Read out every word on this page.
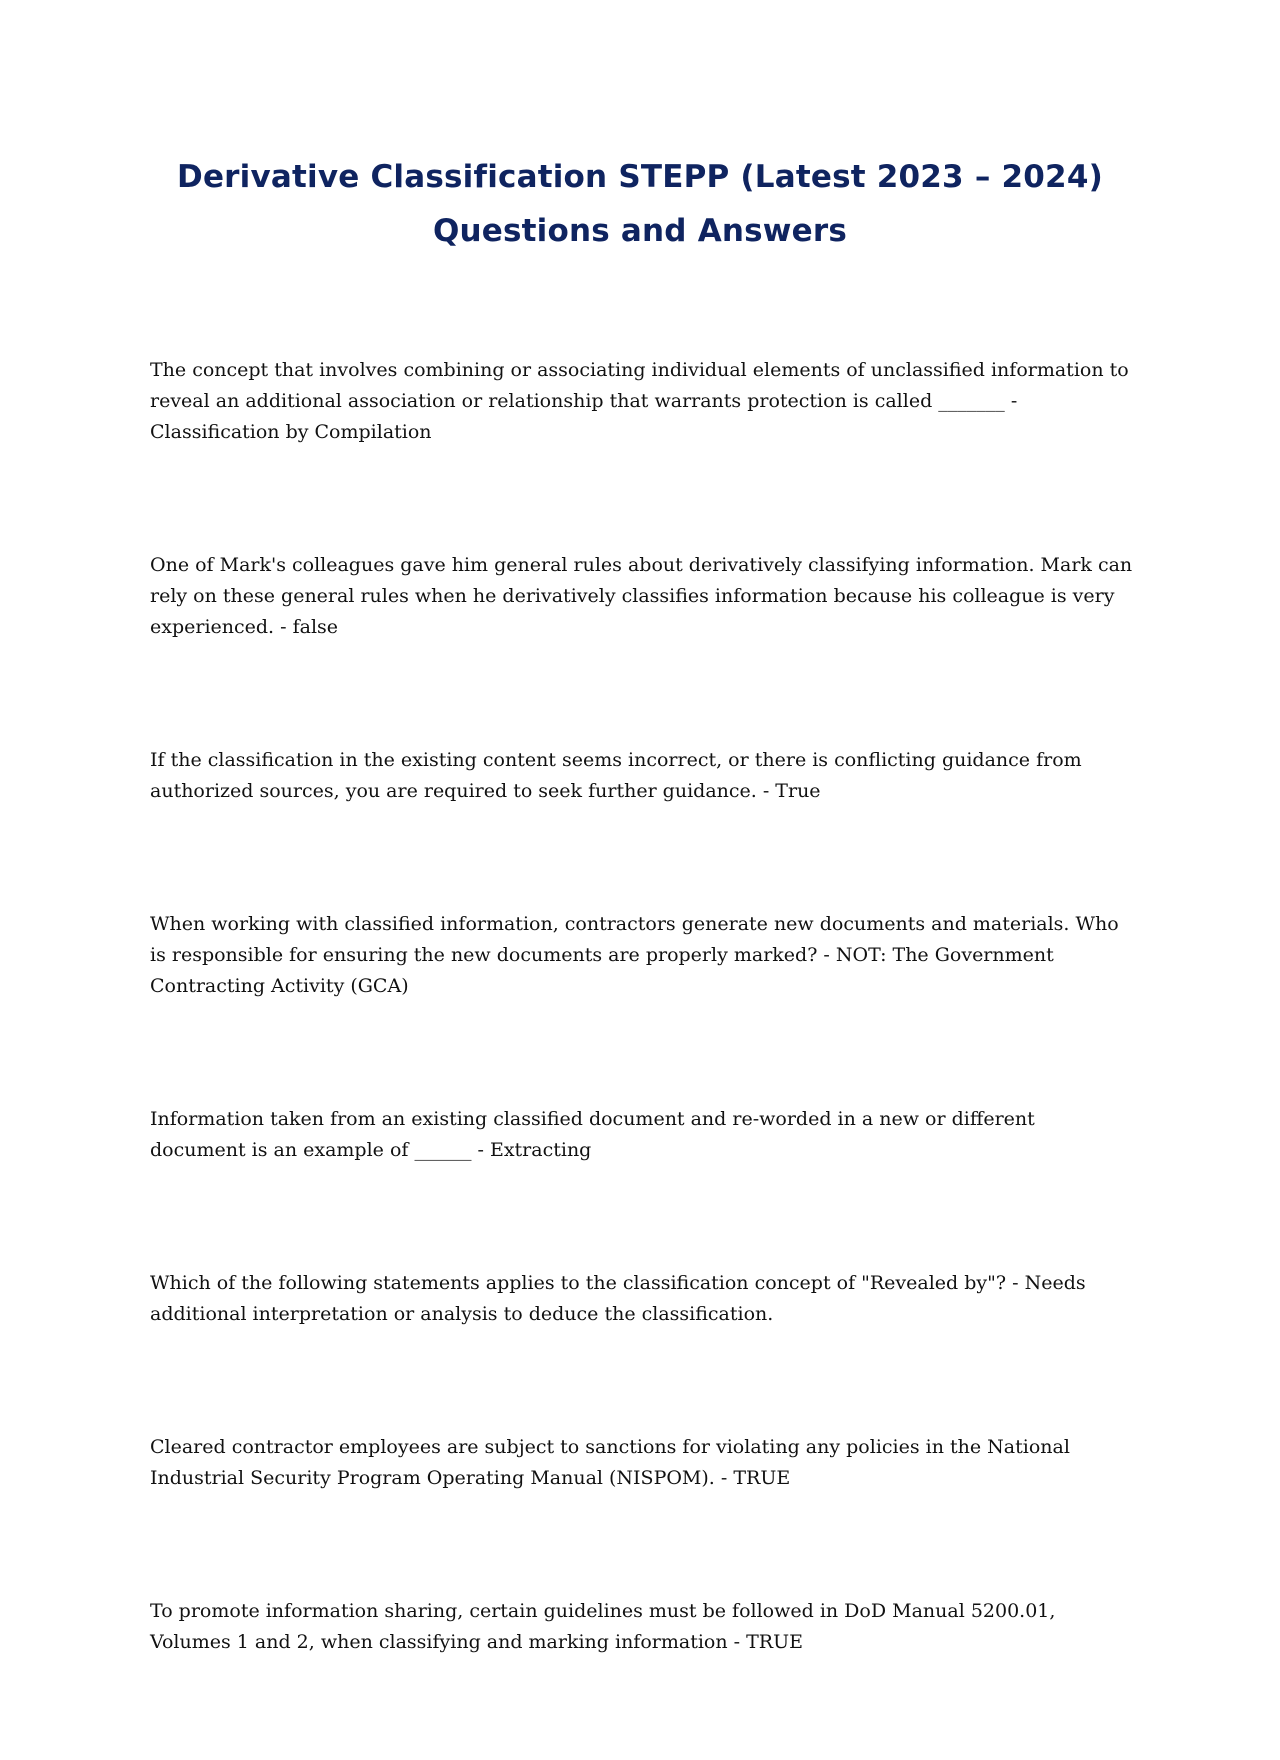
Derivative Classification STEPP (Latest 2023 – 2024)
Questions and Answers
The concept that involves combining or associating individual elements of unclassified information to reveal an additional association or relationship that warrants protection is called _______ - Classification by Compilation
One of Mark's colleagues gave him general rules about derivatively classifying information. Mark can rely on these general rules when he derivatively classifies information because his colleague is very experienced. - false
If the classification in the existing content seems incorrect, or there is conflicting guidance from authorized sources, you are required to seek further guidance. - True
When working with classified information, contractors generate new documents and materials. Who is responsible for ensuring the new documents are properly marked? - NOT: The Government Contracting Activity (GCA)
Information taken from an existing classified document and re-worded in a new or different document is an example of ______ - Extracting
Which of the following statements applies to the classification concept of "Revealed by"? - Needs additional interpretation or analysis to deduce the classification.
Cleared contractor employees are subject to sanctions for violating any policies in the National Industrial Security Program Operating Manual (NISPOM). - TRUE
To promote information sharing, certain guidelines must be followed in DoD Manual 5200.01, Volumes 1 and 2, when classifying and marking information - TRUE
